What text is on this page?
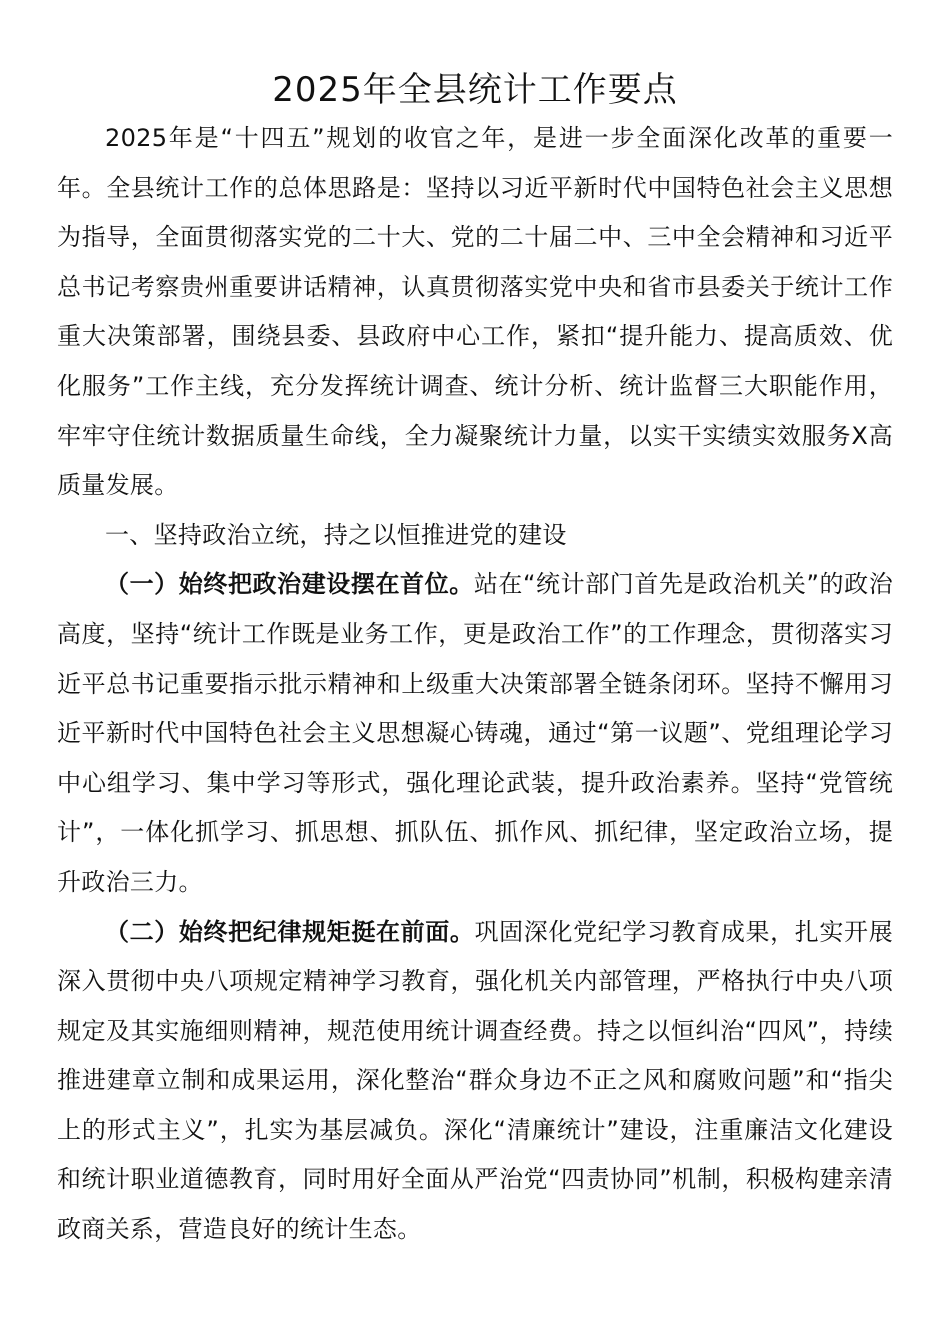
2025年全县统计工作要点

2025年是“十四五”规划的收官之年，是进一步全面深化改革的重要一年。全县统计工作的总体思路是：坚持以习近平新时代中国特色社会主义思想为指导，全面贯彻落实党的二十大、党的二十届二中、三中全会精神和习近平总书记考察贵州重要讲话精神，认真贯彻落实党中央和省市县委关于统计工作重大决策部署，围绕县委、县政府中心工作，紧扣“提升能力、提高质效、优化服务”工作主线，充分发挥统计调查、统计分析、统计监督三大职能作用，牢牢守住统计数据质量生命线，全力凝聚统计力量，以实干实绩实效服务X高质量发展。

一、坚持政治立统，持之以恒推进党的建设

（一）始终把政治建设摆在首位。站在“统计部门首先是政治机关”的政治高度，坚持“统计工作既是业务工作，更是政治工作”的工作理念，贯彻落实习近平总书记重要指示批示精神和上级重大决策部署全链条闭环。坚持不懈用习近平新时代中国特色社会主义思想凝心铸魂，通过“第一议题”、党组理论学习中心组学习、集中学习等形式，强化理论武装，提升政治素养。坚持“党管统计”，一体化抓学习、抓思想、抓队伍、抓作风、抓纪律，坚定政治立场，提升政治三力。

（二）始终把纪律规矩挺在前面。巩固深化党纪学习教育成果，扎实开展深入贯彻中央八项规定精神学习教育，强化机关内部管理，严格执行中央八项规定及其实施细则精神，规范使用统计调查经费。持之以恒纠治“四风”，持续推进建章立制和成果运用，深化整治“群众身边不正之风和腐败问题”和“指尖上的形式主义”，扎实为基层减负。深化“清廉统计”建设，注重廉洁文化建设和统计职业道德教育，同时用好全面从严治党“四责协同”机制，积极构建亲清政商关系，营造良好的统计生态。
